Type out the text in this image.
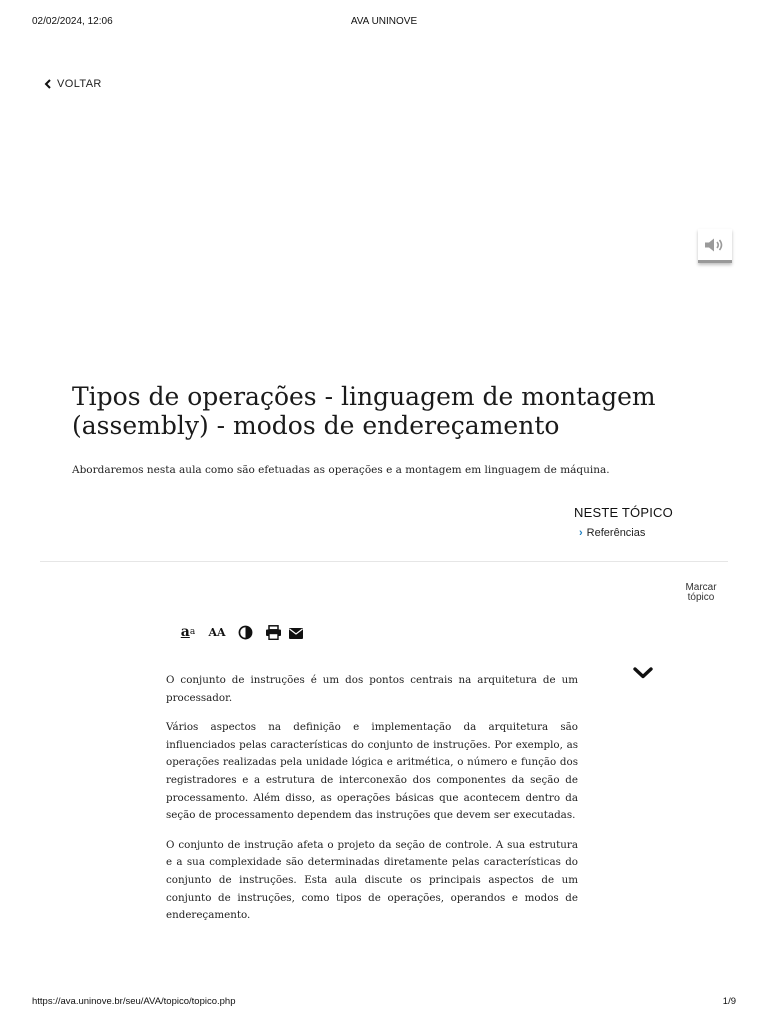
02/02/2024, 12:06	AVA UNINOVE
VOLTAR
Tipos de operações - linguagem de montagem (assembly) - modos de endereçamento

Abordaremos nesta aula como são efetuadas as operações e a montagem em linguagem de máquina.

NESTE TÓPICO
› Referências
Marcar
tópico
a a AA

O conjunto de instruções é um dos pontos centrais na arquitetura de um processador.

Vários aspectos na definição e implementação da arquitetura são influenciados pelas características do conjunto de instruções. Por exemplo, as operações realizadas pela unidade lógica e aritmética, o número e função dos registradores e a estrutura de interconexão dos componentes da seção de processamento. Além disso, as operações básicas que acontecem dentro da seção de processamento dependem das instruções que devem ser executadas.

O conjunto de instrução afeta o projeto da seção de controle. A sua estrutura e a sua complexidade são determinadas diretamente pelas características do conjunto de instruções. Esta aula discute os principais aspectos de um conjunto de instruções, como tipos de operações, operandos e modos de endereçamento.

https://ava.uninove.br/seu/AVA/topico/topico.php	1/9
